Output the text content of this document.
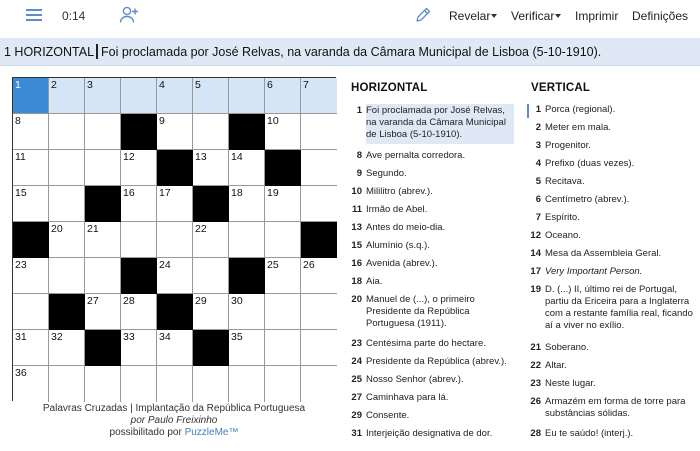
0:14	Revelar	Verificar	Imprimir Definições
1 HORIZONTAL Foi proclamada por José Relvas, na varanda da Câmara Municipal de Lisboa (5-10-1910).
1	2	3	4	5	6	7
8	9	10
11	12	13 14
15	16 17	18 19
20 21	22
23	24	25 26
27 28	29 30
31 32	33 34	35
36
Palavras Cruzadas | Implantação da República Portuguesa
por Paulo Freixinho
possibilitado por PuzzleMe™
HORIZONTAL	VERTICAL
1 Foi proclamada por José Relvas, na varanda da Câmara Municipal de Lisboa (5-10-1910).
8 Ave pernalta corredora.
9 Segundo.
10 Mililitro (abrev.).
11 Irmão de Abel.
13 Antes do meio-dia.
15 Alumínio (s.q.).
16 Avenida (abrev.).
18 Aia.
20 Manuel de (...), o primeiro Presidente da República Portuguesa (1911).
23 Centésima parte do hectare.
24 Presidente da República (abrev.).
25 Nosso Senhor (abrev.).
27 Caminhava para lá.
29 Consente.
31 Interjeição designativa de dor.
1 Porca (regional).
2 Meter em mala.
3 Progenitor.
4 Prefixo (duas vezes).
5 Recitava.
6 Centímetro (abrev.).
7 Espírito.
12 Oceano.
14 Mesa da Assembleia Geral.
17 Very Important Person.
19 D. (...) II, último rei de Portugal, partiu da Ericeira para a Inglaterra com a restante família real, ficando aí a viver no exílio.
21 Soberano.
22 Altar.
23 Neste lugar.
26 Armazém em forma de torre para substâncias sólidas.
28 Eu te saúdo! (interj.).
